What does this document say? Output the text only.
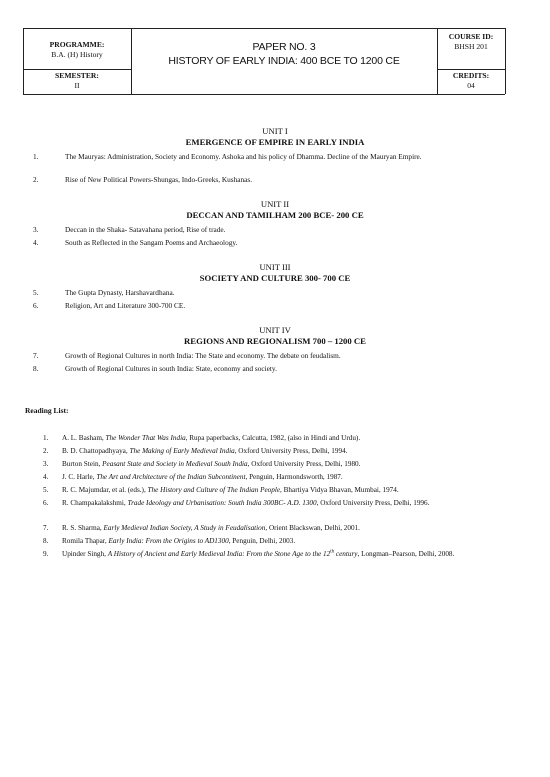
PROGRAMME:
B.A. (H) History
SEMESTER:
II
PAPER NO. 3
HISTORY OF EARLY INDIA: 400 BCE TO 1200 CE
COURSE ID:
BHSH 201
CREDITS:
04
UNIT I
EMERGENCE OF EMPIRE IN EARLY INDIA
1.	The Mauryas: Administration, Society and Economy. Ashoka and his policy of Dhamma. Decline of the Mauryan Empire.
2.	Rise of New Political Powers-Shungas, Indo-Greeks, Kushanas.
UNIT II
DECCAN AND TAMILHAM 200 BCE- 200 CE
3.	Deccan in the Shaka- Satavahana period, Rise of trade.
4.	South as Reflected in the Sangam Poems and Archaeology.
UNIT III
SOCIETY AND CULTURE 300- 700 CE
5.	The Gupta Dynasty, Harshavardhana.
6.	Religion, Art and Literature 300-700 CE.
UNIT IV
REGIONS AND REGIONALISM 700 – 1200 CE
7.	Growth of Regional Cultures in north India: The State and economy. The debate on feudalism.
8.	Growth of Regional Cultures in south India: State, economy and society.
Reading List:
1. A. L. Basham, The Wonder That Was India, Rupa paperbacks, Calcutta, 1982, (also in Hindi and Urdu).
2. B. D. Chattopadhyaya, The Making of Early Medieval India, Oxford University Press, Delhi, 1994.
3. Burton Stein, Peasant State and Society in Medieval South India, Oxford University Press, Delhi, 1980.
4. J. C. Harle, The Art and Architecture of the Indian Subcontinent, Penguin, Harmondsworth, 1987.
5. R. C. Majumdar, et al. (eds.), The History and Culture of The Indian People, Bhartiya Vidya Bhavan, Mumbai, 1974.
6. R. Champakalakshmi, Trade Ideology and Urbanisation: South India 300BC- A.D. 1300, Oxford University Press, Delhi, 1996.
7. R. S. Sharma, Early Medieval Indian Society, A Study in Feudalisation, Orient Blackswan, Delhi, 2001.
8. Romila Thapar, Early India: From the Origins to AD1300, Penguin, Delhi, 2003.
9. Upinder Singh, A History of Ancient and Early Medieval India: From the Stone Age to the 12th century, Longman–Pearson, Delhi, 2008.
